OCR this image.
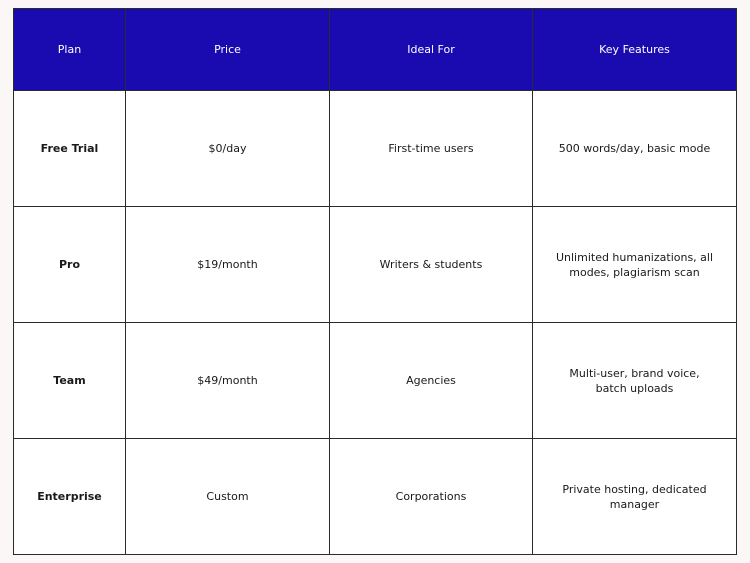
Plan	Price	Ideal For	Key Features
Free Trial	$0/day	First-time users	500 words/day, basic mode
Pro	$19/month	Writers & students	Unlimited humanizations, all modes, plagiarism scan
Team	$49/month	Agencies	Multi-user, brand voice, batch uploads
Enterprise	Custom	Corporations	Private hosting, dedicated manager
